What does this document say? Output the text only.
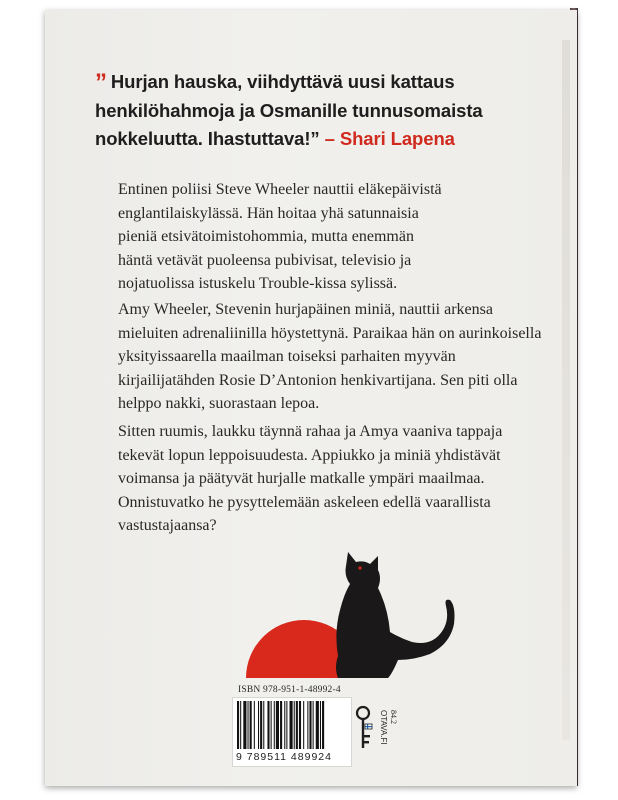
” Hurjan hauska, viihdyttävä uusi kattaus henkilöhahmoja ja Osmanille tunnusomaista nokkeluutta. Ihastuttava!” – Shari Lapena
Entinen poliisi Steve Wheeler nauttii eläkepäivistä englantilaiskylässä. Hän hoitaa yhä satunnaisia pieniä etsivätoimistohommia, mutta enemmän häntä vetävät puoleensa pubivisat, televisio ja nojatuolissa istuskelu Trouble-kissa sylissä.
Amy Wheeler, Stevenin hurjapäinen miniä, nauttii arkensa mieluiten adrenaliinilla höystettynä. Paraikaa hän on aurinkoisella yksityissaarella maailman toiseksi parhaiten myyvän kirjailijatähden Rosie D’Antonion henkivartijana. Sen piti olla helppo nakki, suorastaan lepoa.
Sitten ruumis, laukku täynnä rahaa ja Amya vaaniva tappaja tekevät lopun leppoisuudesta. Appiukko ja miniä yhdistävät voimansa ja päätyvät hurjalle matkalle ympäri maailmaa. Onnistuvatko he pysyttelemään askeleen edellä vaarallista vastustajaansa?
ISBN 978-951-1-48992-4
9 789511 489924
OTAVA.FI 84.2
